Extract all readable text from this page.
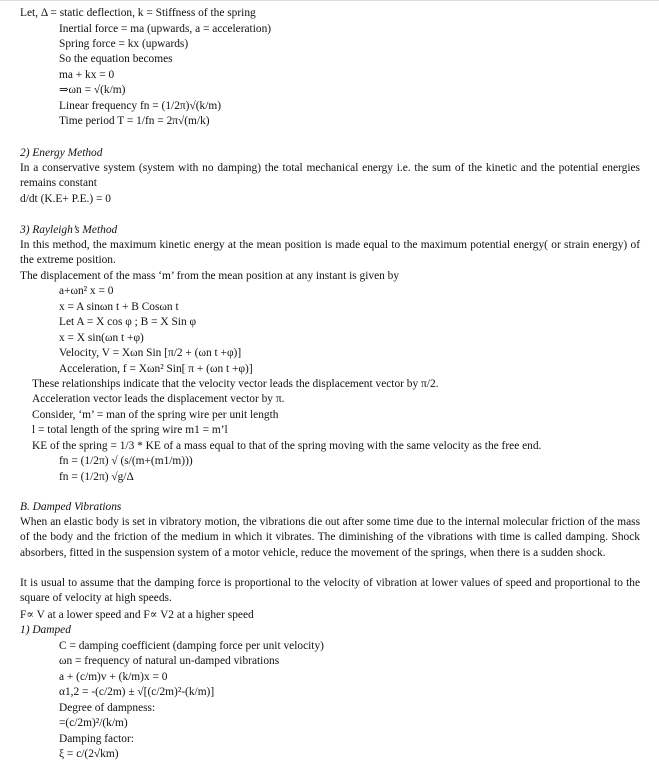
Let, Δ = static deflection, k = Stiffness of the spring
Inertial force = ma (upwards, a = acceleration)
Spring force = kx (upwards)
So the equation becomes
ma + kx = 0
⇒ωn = √(k/m)
Linear frequency fn = (1/2π)√(k/m)
Time period T = 1/fn = 2π√(m/k)
2) Energy Method
In a conservative system (system with no damping) the total mechanical energy i.e. the sum of the kinetic and the potential energies remains constant
d/dt (K.E+ P.E.) = 0
3) Rayleigh’s Method
In this method, the maximum kinetic energy at the mean position is made equal to the maximum potential energy( or strain energy) of the extreme position.
The displacement of the mass ‘m’ from the mean position at any instant is given by
a+ωn² x = 0
x = A sinωn t + B Cosωn t
Let A = X cos φ ; B = X Sin φ
x = X sin(ωn t +φ)
Velocity, V = Xωn Sin [π/2 + (ωn t +φ)]
Acceleration, f = Xωn² Sin[ π + (ωn t +φ)]
These relationships indicate that the velocity vector leads the displacement vector by π/2.
Acceleration vector leads the displacement vector by π.
Consider, ‘m’ = man of the spring wire per unit length
l = total length of the spring wire m1 = m’l
KE of the spring = 1/3 * KE of a mass equal to that of the spring moving with the same velocity as the free end.
fn = (1/2π) √ (s/(m+(m1/m)))
fn = (1/2π) √g/Δ
B. Damped Vibrations
When an elastic body is set in vibratory motion, the vibrations die out after some time due to the internal molecular friction of the mass of the body and the friction of the medium in which it vibrates. The diminishing of the vibrations with time is called damping. Shock absorbers, fitted in the suspension system of a motor vehicle, reduce the movement of the springs, when there is a sudden shock.
It is usual to assume that the damping force is proportional to the velocity of vibration at lower values of speed and proportional to the square of velocity at high speeds.
F∝ V at a lower speed and F∝ V2 at a higher speed
1) Damped
C = damping coefficient (damping force per unit velocity)
ωn = frequency of natural un-damped vibrations
a + (c/m)v + (k/m)x = 0
α1,2 = -(c/2m) ± √[(c/2m)²-(k/m)]
Degree of dampness:
=(c/2m)²/(k/m)
Damping factor:
ξ = c/(2√km)
